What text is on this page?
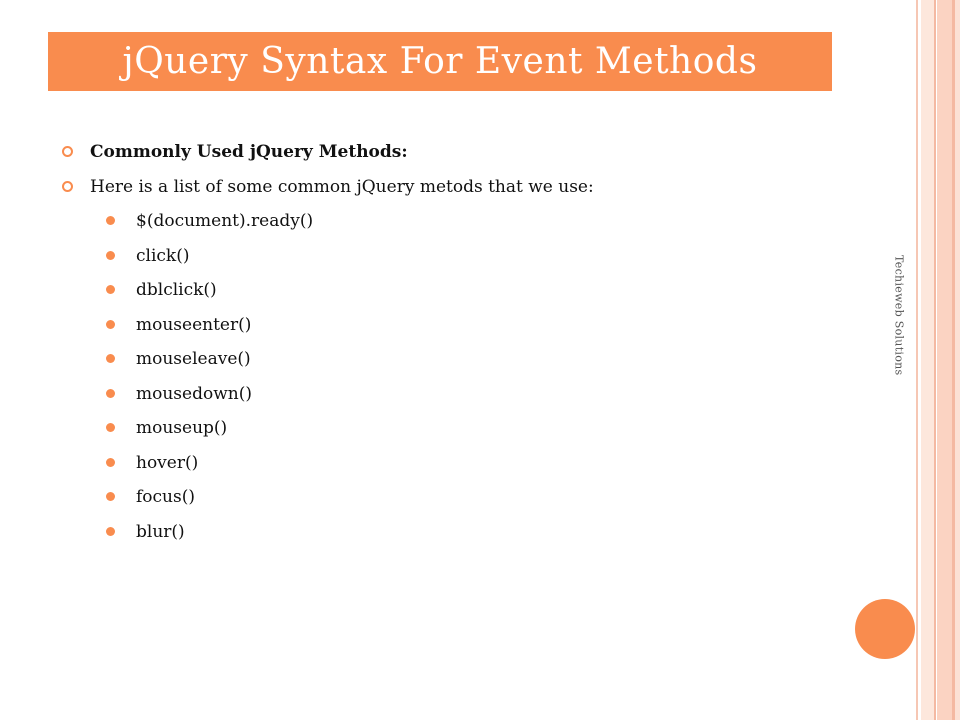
jQuery Syntax For Event Methods
Commonly Used jQuery Methods:
Here is a list of some common jQuery metods that we use:
$(document).ready()
click()
dblclick()
mouseenter()
mouseleave()
mousedown()
mouseup()
hover()
focus()
blur()
Techieweb Solutions
